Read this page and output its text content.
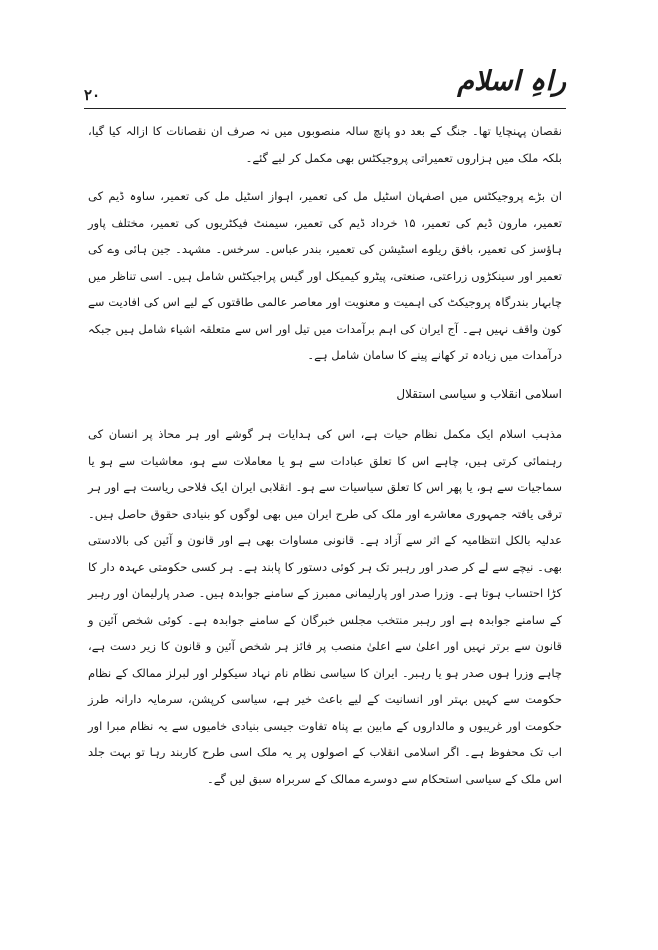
۲۰	راہِ اسلام

نقصان پہنچایا تھا۔ جنگ کے بعد دو پانچ سالہ منصوبوں میں نہ صرف ان نقصانات کا ازالہ کیا گیا، بلکہ ملک میں ہزاروں تعمیراتی پروجیکٹس بھی مکمل کر لیے گئے۔

ان بڑے پروجیکٹس میں اصفہان اسٹیل مل کی تعمیر، اہواز اسٹیل مل کی تعمیر، ساوہ ڈیم کی تعمیر، مارون ڈیم کی تعمیر، ۱۵ خرداد ڈیم کی تعمیر، سیمنٹ فیکٹریوں کی تعمیر، مختلف پاور ہاؤسز کی تعمیر، بافق ریلوے اسٹیشن کی تعمیر، بندر عباس۔ سرخس۔ مشہد۔ جین ہائی وے کی تعمیر اور سینکڑوں زراعتی، صنعتی، پیٹرو کیمیکل اور گیس پراجیکٹس شامل ہیں۔ اسی تناظر میں چابہار بندرگاہ پروجیکٹ کی اہمیت و معنویت اور معاصر عالمی طاقتوں کے لیے اس کی افادیت سے کون واقف نہیں ہے۔ آج ایران کی اہم برآمدات میں تیل اور اس سے متعلقہ اشیاء شامل ہیں جبکہ درآمدات میں زیادہ تر کھانے پینے کا سامان شامل ہے۔

اسلامی انقلاب و سیاسی استقلال

مذہب اسلام ایک مکمل نظام حیات ہے، اس کی ہدایات ہر گوشے اور ہر محاذ پر انسان کی رہنمائی کرتی ہیں، چاہے اس کا تعلق عبادات سے ہو یا معاملات سے ہو، معاشیات سے ہو یا سماجیات سے ہو، یا پھر اس کا تعلق سیاسیات سے ہو۔ انقلابی ایران ایک فلاحی ریاست ہے اور ہر ترقی یافتہ جمہوری معاشرے اور ملک کی طرح ایران میں بھی لوگوں کو بنیادی حقوق حاصل ہیں۔ عدلیہ بالکل انتظامیہ کے اثر سے آزاد ہے۔ قانونی مساوات بھی ہے اور قانون و آئین کی بالادستی بھی۔ نیچے سے لے کر صدر اور رہبر تک ہر کوئی دستور کا پابند ہے۔ ہر کسی حکومتی عہدہ دار کا کڑا احتساب ہوتا ہے۔ وزرا صدر اور پارلیمانی ممبرز کے سامنے جوابدہ ہیں۔ صدر پارلیمان اور رہبر کے سامنے جوابدہ ہے اور رہبر منتخب مجلس خبرگان کے سامنے جوابدہ ہے۔ کوئی شخص آئین و قانون سے برتر نہیں اور اعلیٰ سے اعلیٰ منصب پر فائز ہر شخص آئین و قانون کا زیر دست ہے، چاہے وزرا ہوں صدر ہو یا رہبر۔ ایران کا سیاسی نظام نام نہاد سیکولر اور لبرلز ممالک کے نظام حکومت سے کہیں بہتر اور انسانیت کے لیے باعث خیر ہے، سیاسی کرپشن، سرمایہ دارانہ طرز حکومت اور غریبوں و مالداروں کے مابین بے پناہ تفاوت جیسی بنیادی خامیوں سے یہ نظام مبرا اور اب تک محفوظ ہے۔ اگر اسلامی انقلاب کے اصولوں پر یہ ملک اسی طرح کاربند رہا تو بہت جلد اس ملک کے سیاسی استحکام سے دوسرے ممالک کے سربراہ سبق لیں گے۔
